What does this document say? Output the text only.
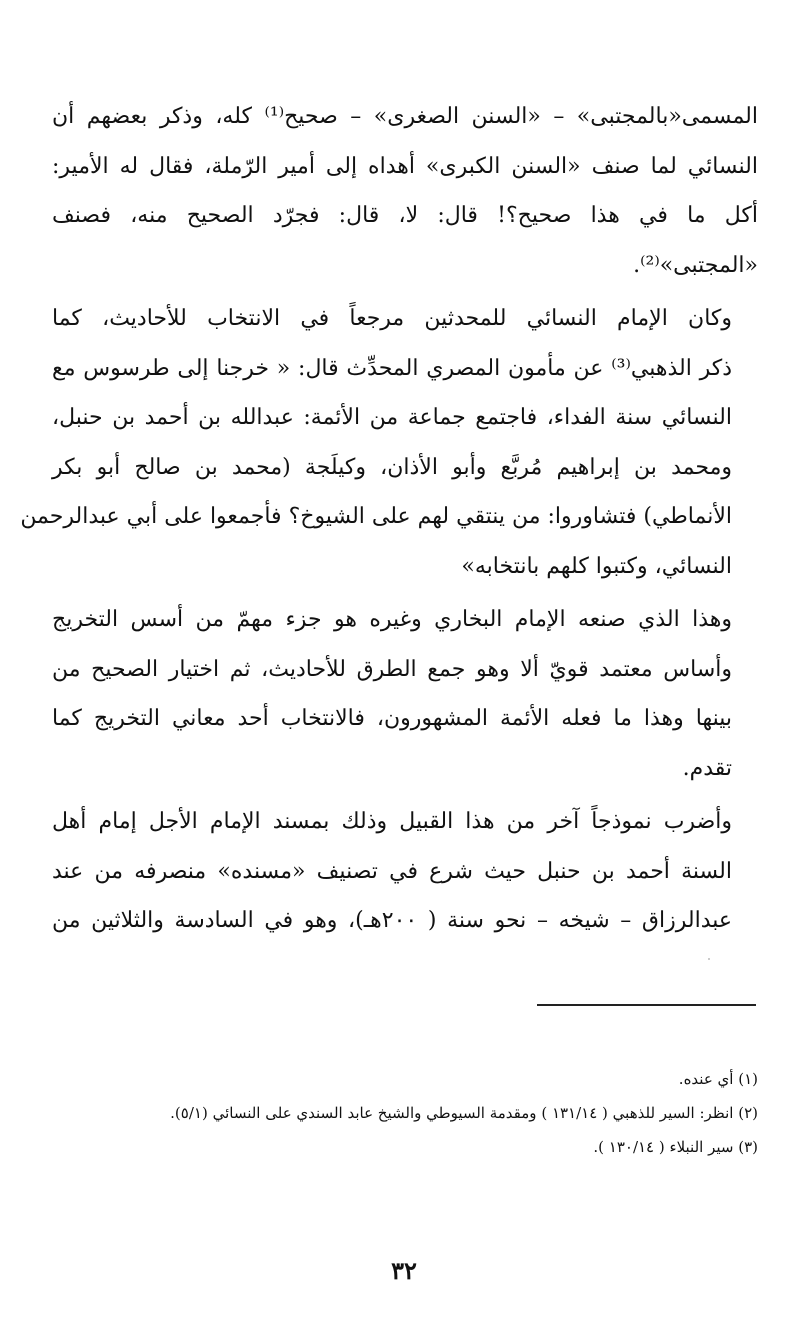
المسمى«بالمجتبى» – «السنن الصغرى» – صحيح⁽¹⁾ كله، وذكر بعضهم أن
النسائي لما صنف «السنن الكبرى» أهداه إلى أمير الرّملة، فقال له الأمير:
أكل ما في هذا صحيح؟! قال: لا، قال: فجرّد الصحيح منه، فصنف
«المجتبى»⁽²⁾.

وكان الإمام النسائي للمحدثين مرجعاً في الانتخاب للأحاديث، كما
ذكر الذهبي⁽³⁾ عن مأمون المصري المحدِّث قال: « خرجنا إلى طرسوس مع
النسائي سنة الفداء، فاجتمع جماعة من الأئمة: عبدالله بن أحمد بن حنبل،
ومحمد بن إبراهيم مُربَّع وأبو الأذان، وكيلَجة (محمد بن صالح أبو بكر
الأنماطي) فتشاوروا: من ينتقي لهم على الشيوخ؟ فأجمعوا على أبي عبدالرحمن
النسائي، وكتبوا كلهم بانتخابه»

وهذا الذي صنعه الإمام البخاري وغيره هو جزء مهمّ من أسس التخريج
وأساس معتمد قويّ ألا وهو جمع الطرق للأحاديث، ثم اختيار الصحيح من
بينها وهذا ما فعله الأئمة المشهورون، فالانتخاب أحد معاني التخريج كما
تقدم.

وأضرب نموذجاً آخر من هذا القبيل وذلك بمسند الإمام الأجل إمام أهل
السنة أحمد بن حنبل حيث شرع في تصنيف «مسنده» منصرفه من عند
عبدالرزاق – شيخه – نحو سنة ( ٢٠٠هـ)، وهو في السادسة والثلاثين من

(١) أي عنده.
(٢) انظر: السير للذهبي ( ١٣١/١٤ ) ومقدمة السيوطي والشيخ عابد السندي على النسائي (٥/١).
(٣) سير النبلاء ( ١٣٠/١٤ ).
٣٢
